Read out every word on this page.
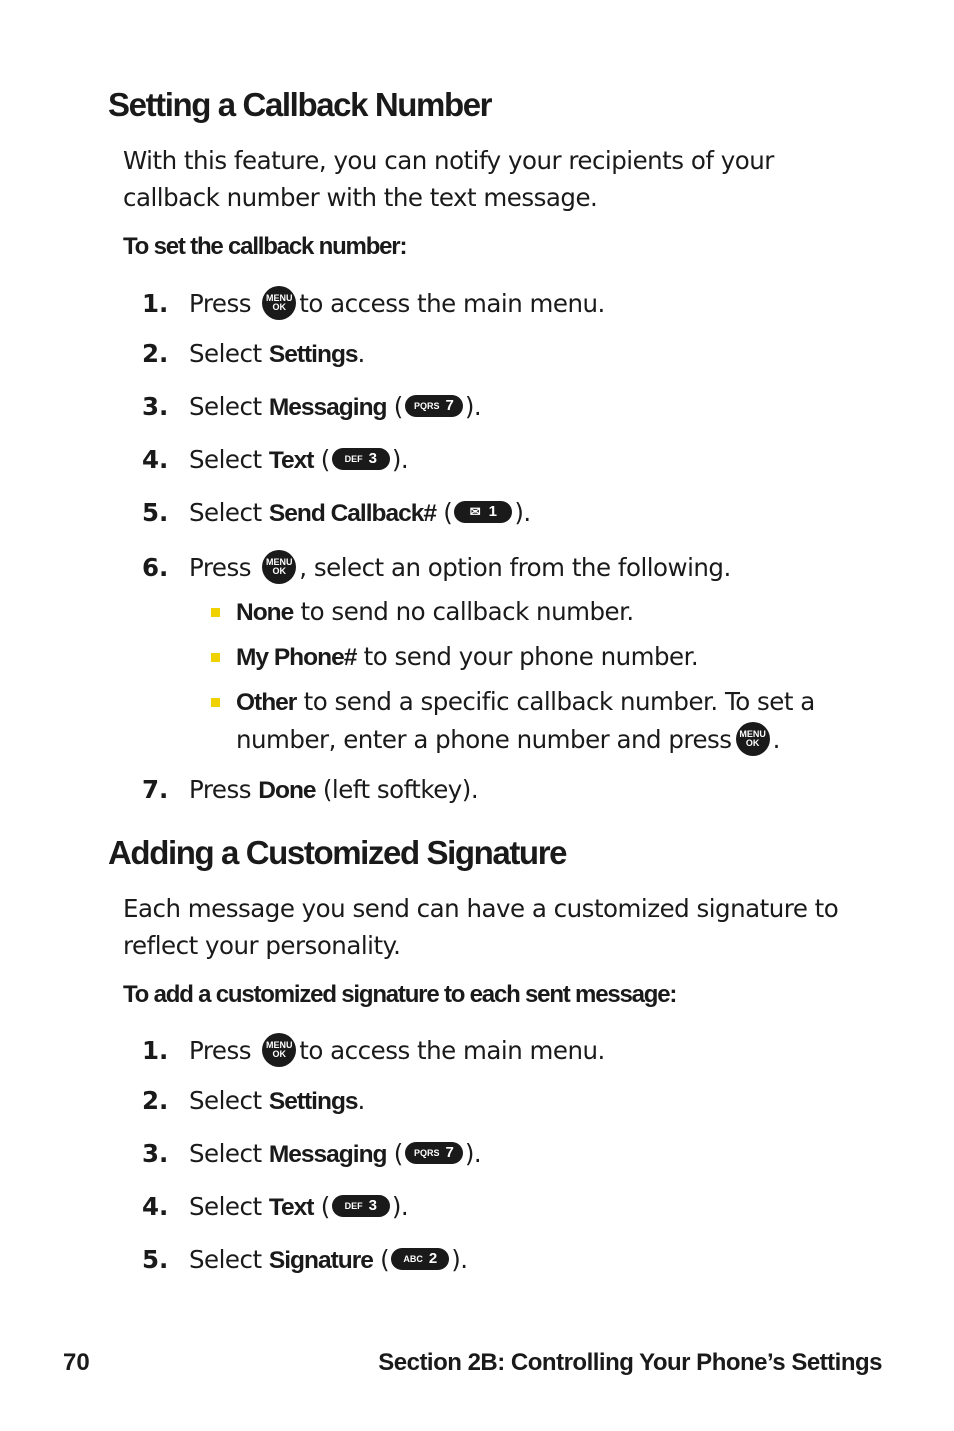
Setting a Callback Number

With this feature, you can notify your recipients of your callback number with the text message.

To set the callback number:

1. Press MENU
OK to access the main menu.
2. Select Settings.
3. Select Messaging ( PQRS 7 ).
4. Select Text ( DEF 3 ).
5. Select Send Callback# ( ✉ 1 ).
6. Press MENU
OK , select an option from the following.
None to send no callback number.
My Phone# to send your phone number.
Other to send a specific callback number. To set a number, enter a phone number and press MENU
OK .
7. Press Done (left softkey).
Adding a Customized Signature

Each message you send can have a customized signature to reflect your personality.

To add a customized signature to each sent message:

1. Press MENU
OK to access the main menu.
2. Select Settings.
3. Select Messaging ( PQRS 7 ).
4. Select Text ( DEF 3 ).
5. Select Signature ( ABC 2 ).
70	Section 2B: Controlling Your Phone’s Settings
